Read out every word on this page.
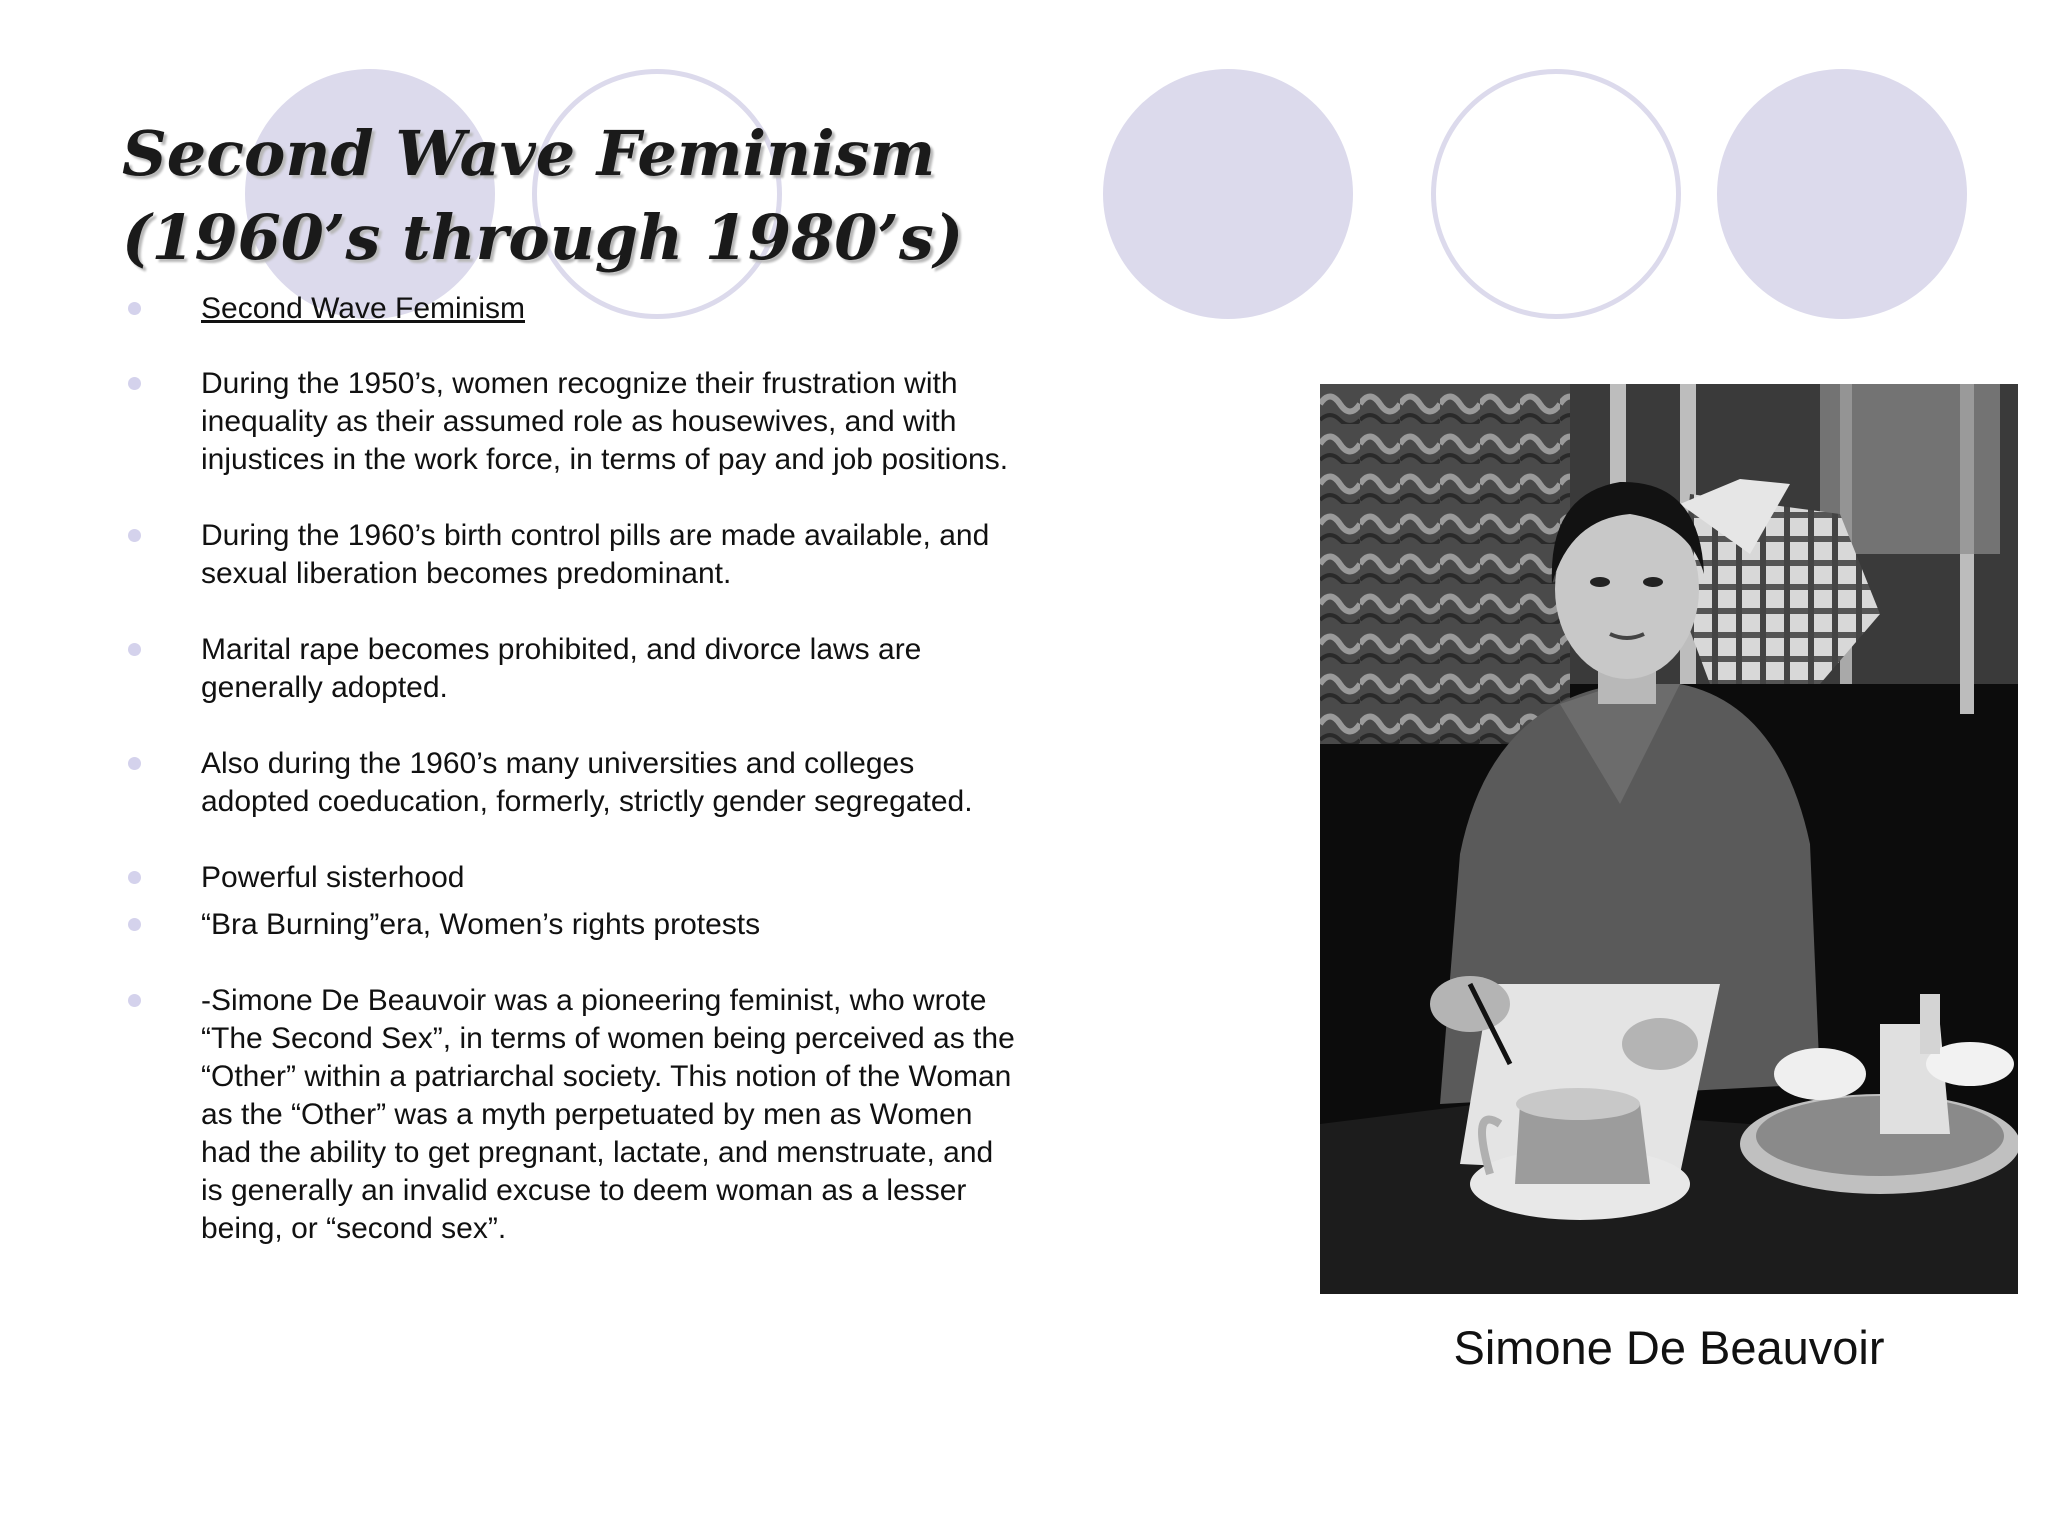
Second Wave Feminism
(1960’s through 1980’s)
Second Wave Feminism
During the 1950’s, women recognize their frustration with inequality as their assumed role as housewives, and with injustices in the work force, in terms of pay and job positions.
During the 1960’s birth control pills are made available, and sexual liberation becomes predominant.
Marital rape becomes prohibited, and divorce laws are generally adopted.
Also during the 1960’s many universities and colleges adopted coeducation, formerly, strictly gender segregated.
Powerful sisterhood
“Bra Burning”era, Women’s rights protests
-Simone De Beauvoir was a pioneering feminist, who wrote “The Second Sex”, in terms of women being perceived as the “Other” within a patriarchal society. This notion of the Woman as the “Other” was a myth perpetuated by men as Women had the ability to get pregnant, lactate, and menstruate, and is generally an invalid excuse to deem woman as a lesser being, or “second sex”.
Simone De Beauvoir
